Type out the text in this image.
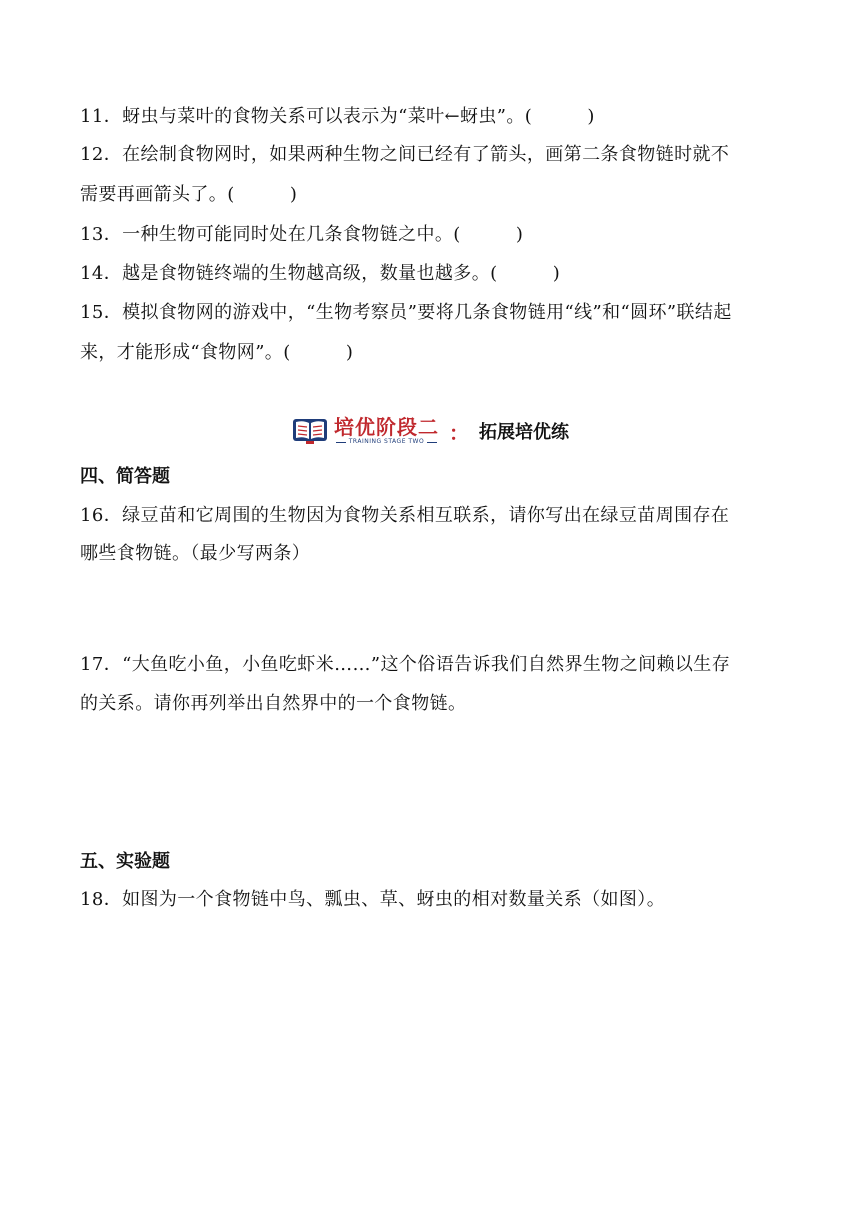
11．蚜虫与菜叶的食物关系可以表示为“菜叶←蚜虫”。(　　　)
12．在绘制食物网时，如果两种生物之间已经有了箭头，画第二条食物链时就不
需要再画箭头了。(　　　)
13．一种生物可能同时处在几条食物链之中。(　　　)
14．越是食物链终端的生物越高级，数量也越多。(　　　)
15．模拟食物网的游戏中，“生物考察员”要将几条食物链用“线”和“圆环”联结起
来，才能形成“食物网”。(　　　)
培优阶段二
TRAINING STAGE TWO ： 拓展培优练
四、简答题
16．绿豆苗和它周围的生物因为食物关系相互联系，请你写出在绿豆苗周围存在
哪些食物链。（最少写两条）
17．“大鱼吃小鱼，小鱼吃虾米……”这个俗语告诉我们自然界生物之间赖以生存
的关系。请你再列举出自然界中的一个食物链。
五、实验题
18．如图为一个食物链中鸟、瓢虫、草、蚜虫的相对数量关系（如图）。
